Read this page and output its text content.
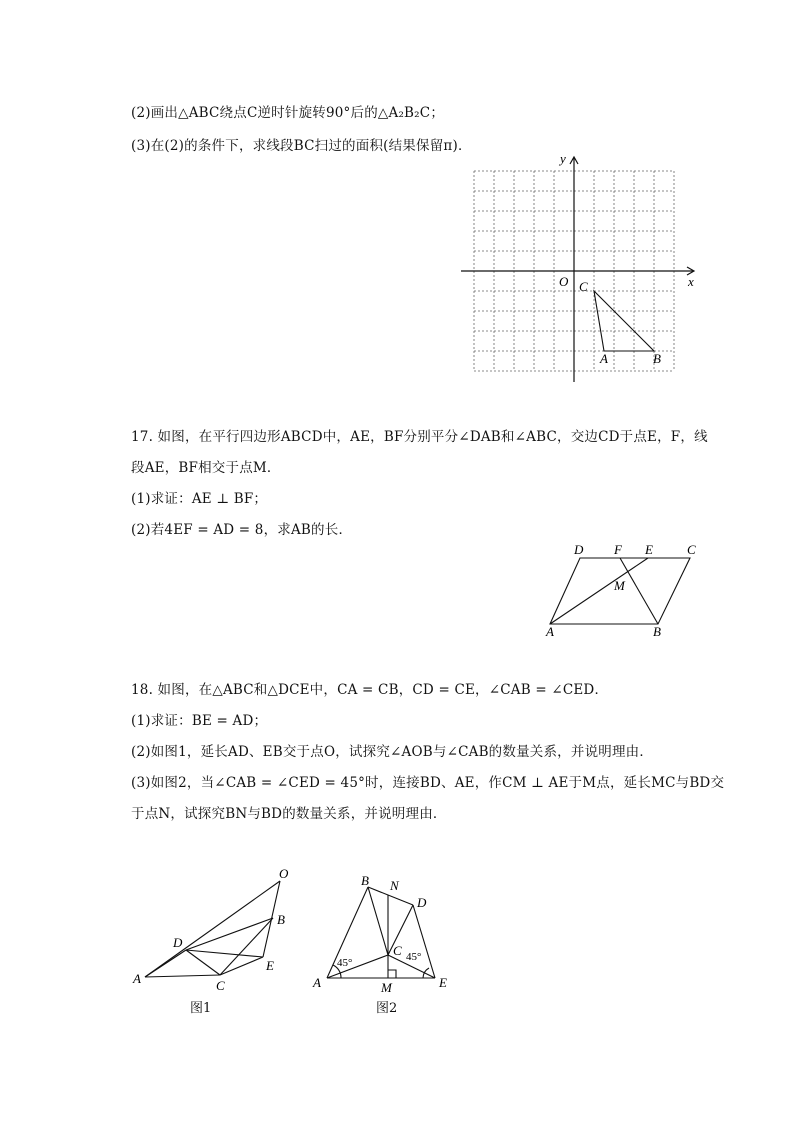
(2)画出△ABC绕点C逆时针旋转90°后的△A₂B₂C；
(3)在(2)的条件下，求线段BC扫过的面积(结果保留π)．
x
y
O C
A	B
17. 如图，在平行四边形ABCD中，AE，BF分别平分∠DAB和∠ABC，交边CD于点E，F，线
段AE，BF相交于点M．
(1)求证：AE ⊥ BF；
(2)若4EF = AD = 8，求AB的长．
D F E	C
M
A	B
18. 如图，在△ABC和△DCE中，CA = CB，CD = CE，∠CAB = ∠CED．
(1)求证：BE = AD；
(2)如图1，延长AD、EB交于点O，试探究∠AOB与∠CAB的数量关系，并说明理由．
(3)如图2，当∠CAB = ∠CED = 45°时，连接BD、AE，作CM ⊥ AE于M点，延长MC与BD交
于点N，试探究BN与BD的数量关系，并说明理由．
O
B
D
E
A	C
图1
B N
D
C
45°	45°
A	M	E
图2
